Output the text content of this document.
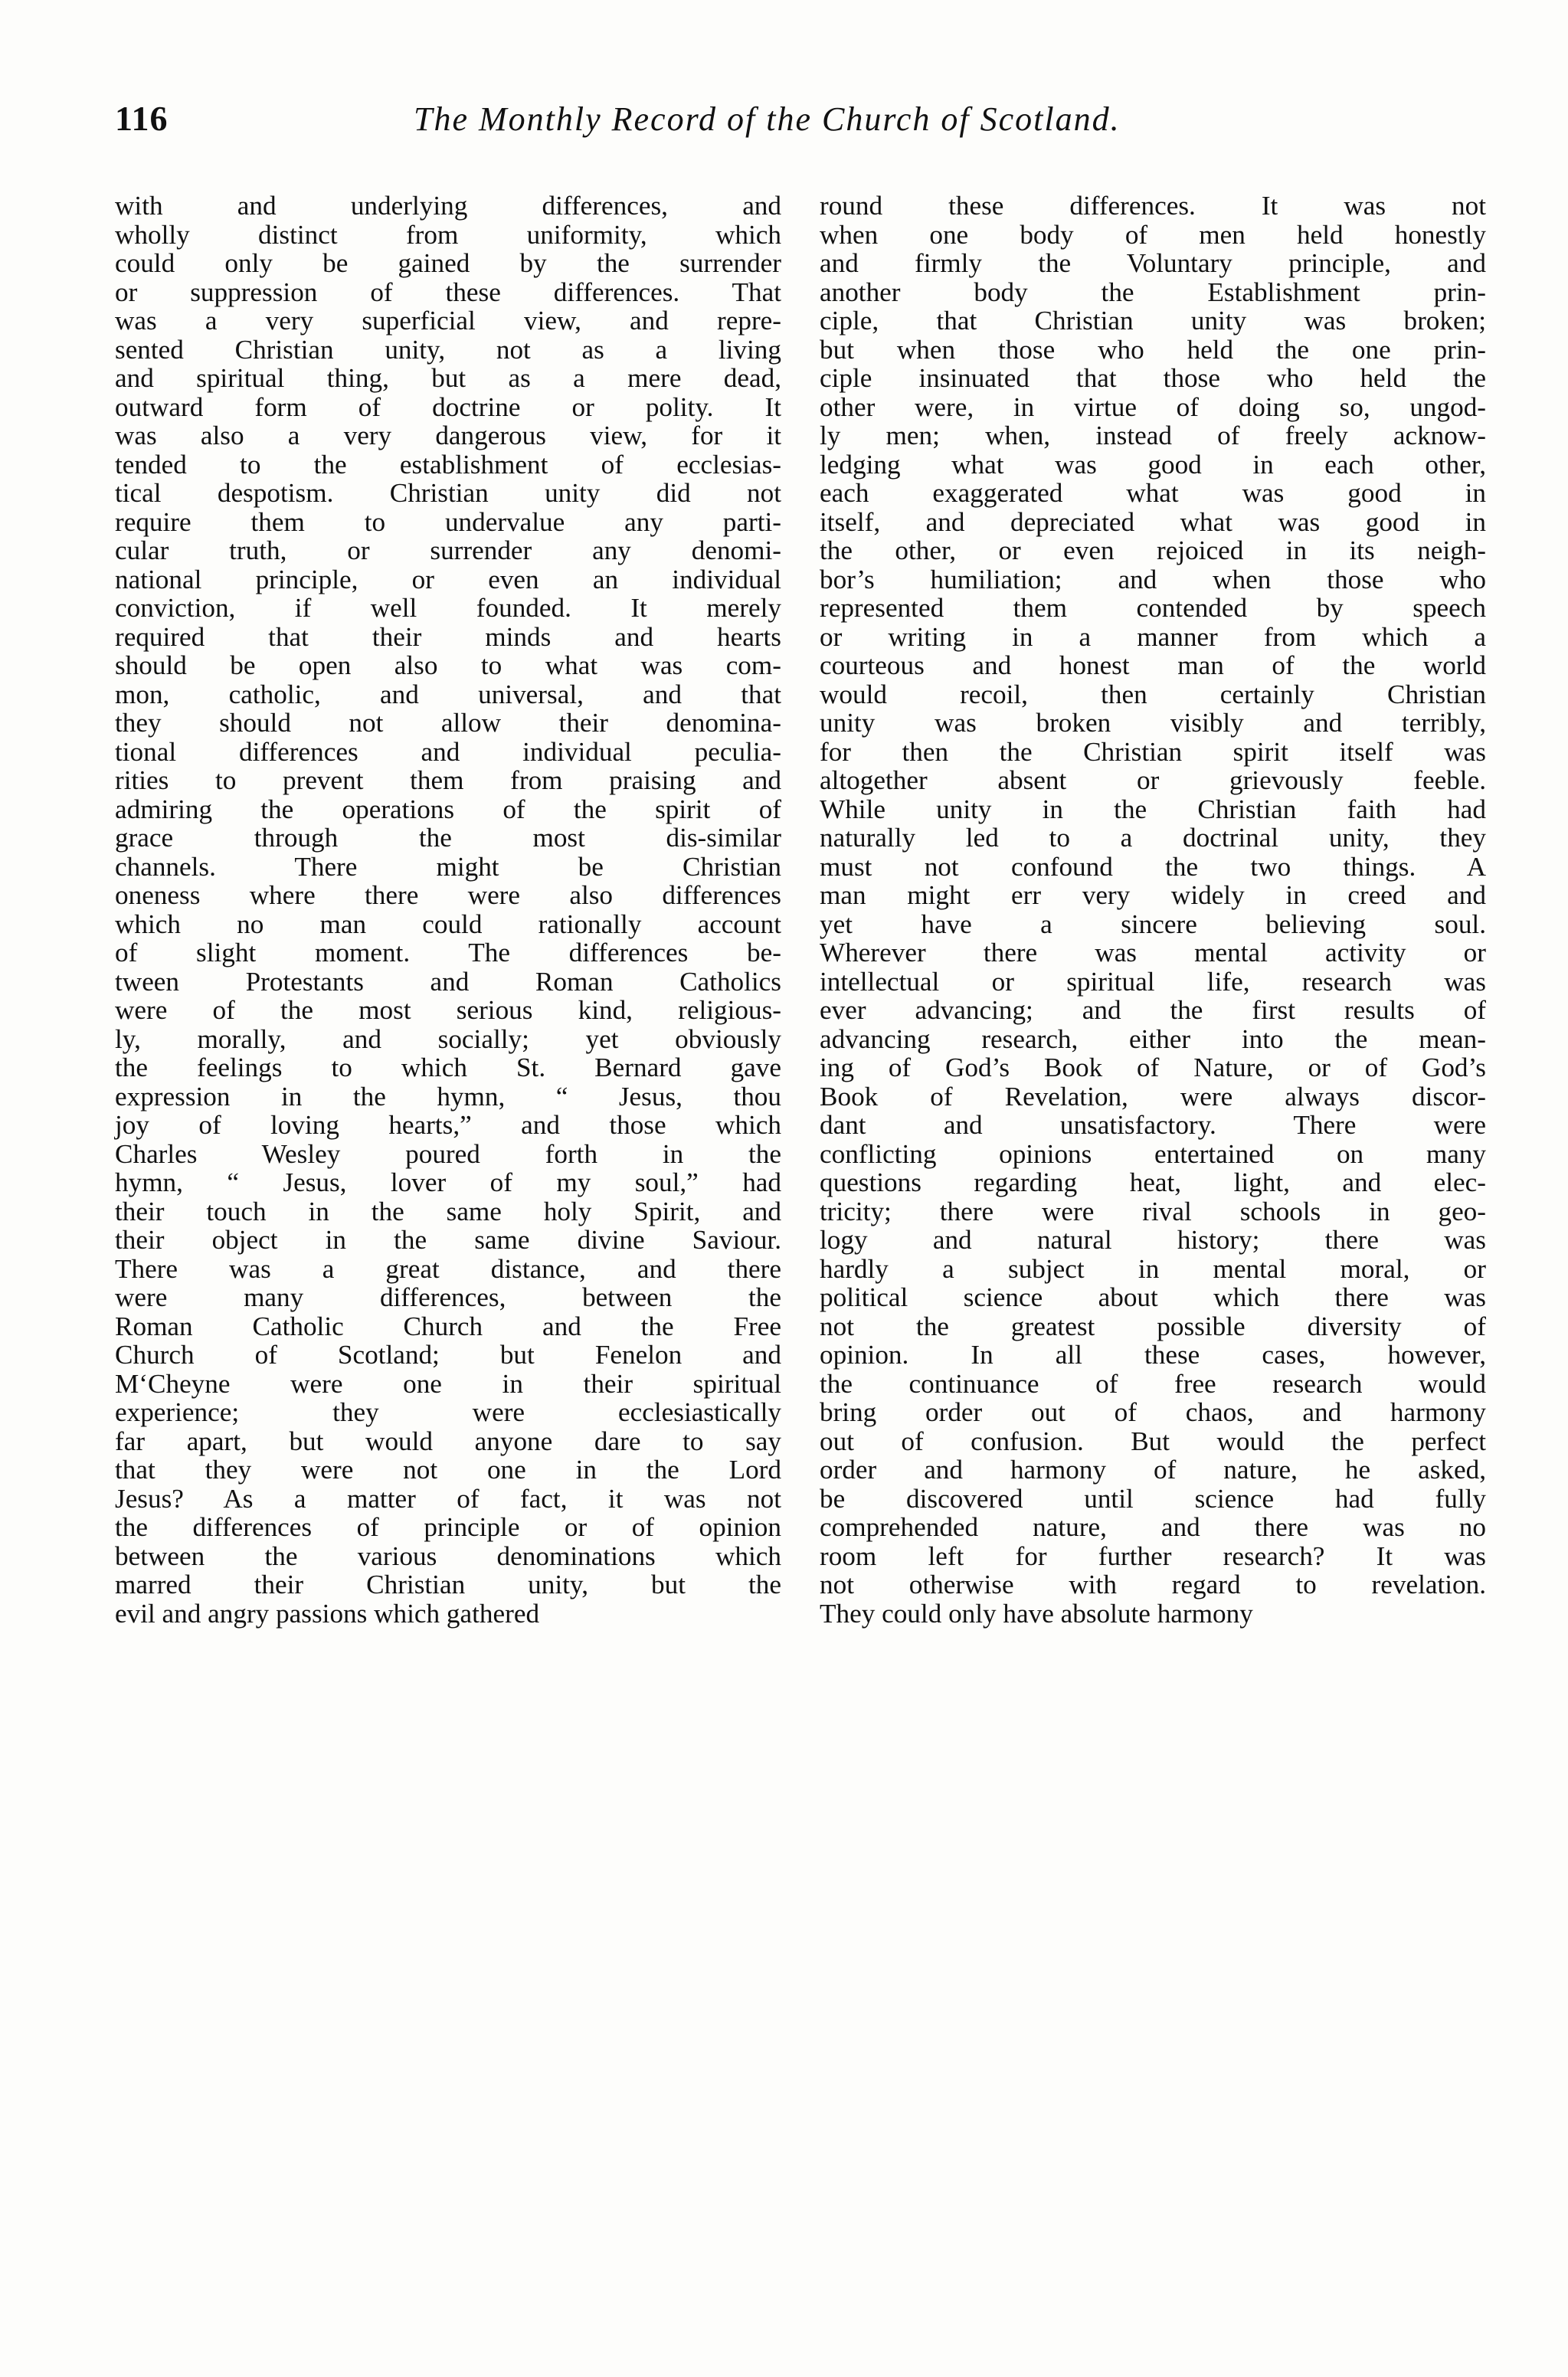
116	The Monthly Record of the Church of Scotland.
with and underlying differences, and
wholly distinct from uniformity, which
could only be gained by the surrender
or suppression of these differences. That
was a very superficial view, and repre-
sented Christian unity, not as a living
and spiritual thing, but as a mere dead,
outward form of doctrine or polity. It
was also a very dangerous view, for it
tended to the establishment of ecclesias-
tical despotism. Christian unity did not
require them to undervalue any parti-
cular truth, or surrender any denomi-
national principle, or even an individual
conviction, if well founded. It merely
required that their minds and hearts
should be open also to what was com-
mon, catholic, and universal, and that
they should not allow their denomina-
tional differences and individual peculia-
rities to prevent them from praising and
admiring the operations of the spirit of
grace through the most dis-similar
channels. There might be Christian
oneness where there were also differences
which no man could rationally account
of slight moment. The differences be-
tween Protestants and Roman Catholics
were of the most serious kind, religious-
ly, morally, and socially; yet obviously
the feelings to which St. Bernard gave
expression in the hymn, “ Jesus, thou
joy of loving hearts,” and those which
Charles Wesley poured forth in the
hymn, “ Jesus, lover of my soul,” had
their touch in the same holy Spirit, and
their object in the same divine Saviour.
There was a great distance, and there
were many differences, between the
Roman Catholic Church and the Free
Church of Scotland; but Fenelon and
M‘Cheyne were one in their spiritual
experience; they were ecclesiastically
far apart, but would anyone dare to say
that they were not one in the Lord
Jesus? As a matter of fact, it was not
the differences of principle or of opinion
between the various denominations which
marred their Christian unity, but the
evil and angry passions which gathered
round these differences. It was not
when one body of men held honestly
and firmly the Voluntary principle, and
another body the Establishment prin-
ciple, that Christian unity was broken;
but when those who held the one prin-
ciple insinuated that those who held the
other were, in virtue of doing so, ungod-
ly men; when, instead of freely acknow-
ledging what was good in each other,
each exaggerated what was good in
itself, and depreciated what was good in
the other, or even rejoiced in its neigh-
bor’s humiliation; and when those who
represented them contended by speech
or writing in a manner from which a
courteous and honest man of the world
would recoil, then certainly Christian
unity was broken visibly and terribly,
for then the Christian spirit itself was
altogether absent or grievously feeble.
While unity in the Christian faith had
naturally led to a doctrinal unity, they
must not confound the two things. A
man might err very widely in creed and
yet have a sincere believing soul.
Wherever there was mental activity or
intellectual or spiritual life, research was
ever advancing; and the first results of
advancing research, either into the mean-
ing of God’s Book of Nature, or of God’s
Book of Revelation, were always discor-
dant and unsatisfactory. There were
conflicting opinions entertained on many
questions regarding heat, light, and elec-
tricity; there were rival schools in geo-
logy and natural history; there was
hardly a subject in mental moral, or
political science about which there was
not the greatest possible diversity of
opinion. In all these cases, however,
the continuance of free research would
bring order out of chaos, and harmony
out of confusion. But would the perfect
order and harmony of nature, he asked,
be discovered until science had fully
comprehended nature, and there was no
room left for further research? It was
not otherwise with regard to revelation.
They could only have absolute harmony
